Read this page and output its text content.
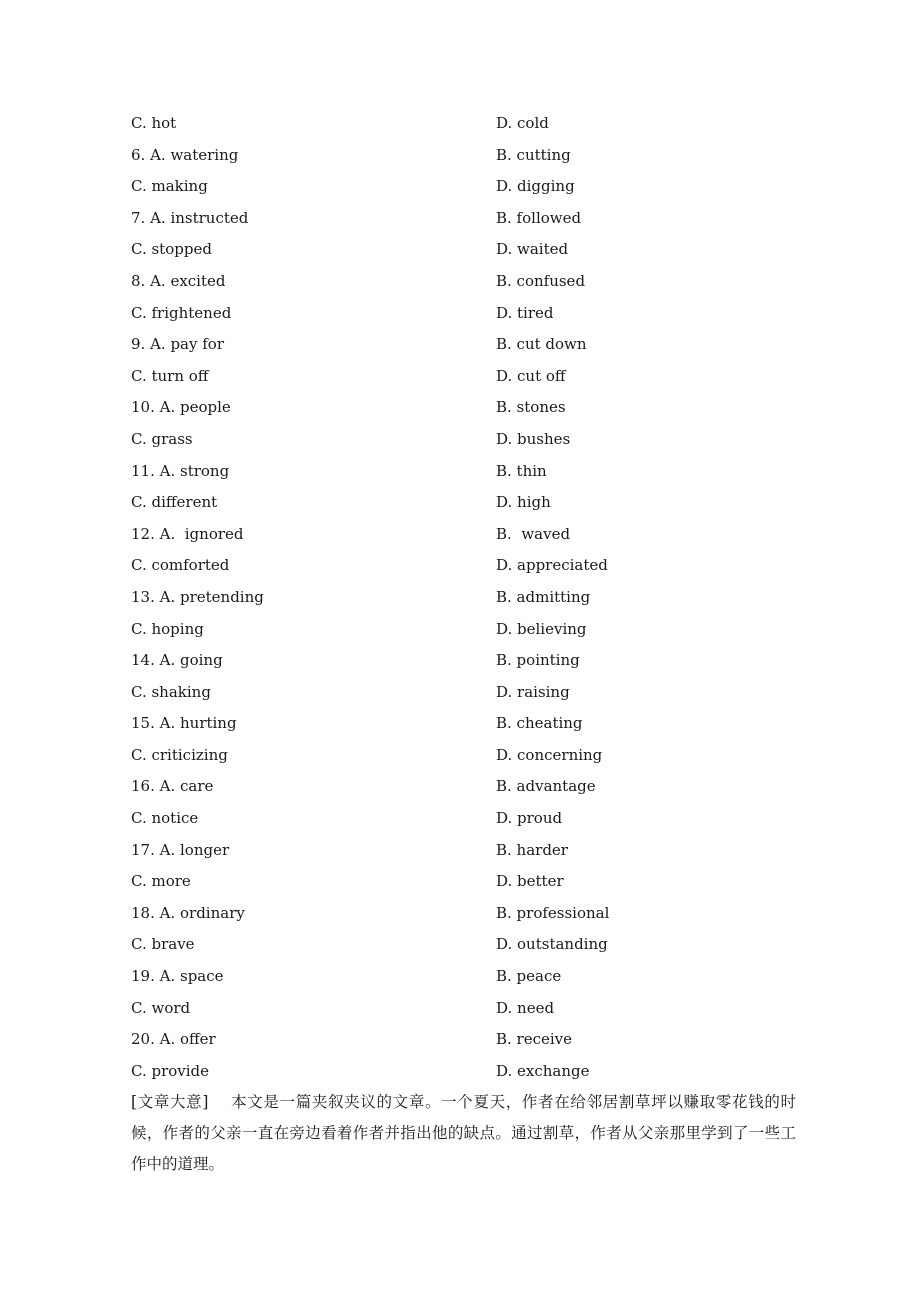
C. hot	D. cold
6. A. watering	B. cutting
C. making	D. digging
7. A. instructed	B. followed
C. stopped	D. waited
8. A. excited	B. confused
C. frightened	D. tired
9. A. pay for	B. cut down
C. turn off	D. cut off
10. A. people	B. stones
C. grass	D. bushes
11. A. strong	B. thin
C. different	D. high
12. A.  ignored	B.  waved
C. comforted	D. appreciated
13. A. pretending	B. admitting
C. hoping	D. believing
14. A. going	B. pointing
C. shaking	D. raising
15. A. hurting	B. cheating
C. criticizing	D. concerning
16. A. care	B. advantage
C. notice	D. proud
17. A. longer	B. harder
C. more	D. better
18. A. ordinary	B. professional
C. brave	D. outstanding
19. A. space	B. peace
C. word	D. need
20. A. offer	B. receive
C. provide	D. exchange

[文章大意] 本文是一篇夹叙夹议的文章。一个夏天，作者在给邻居割草坪以赚取零花钱的时候，作者的父亲一直在旁边看着作者并指出他的缺点。通过割草，作者从父亲那里学到了一些工作中的道理。
